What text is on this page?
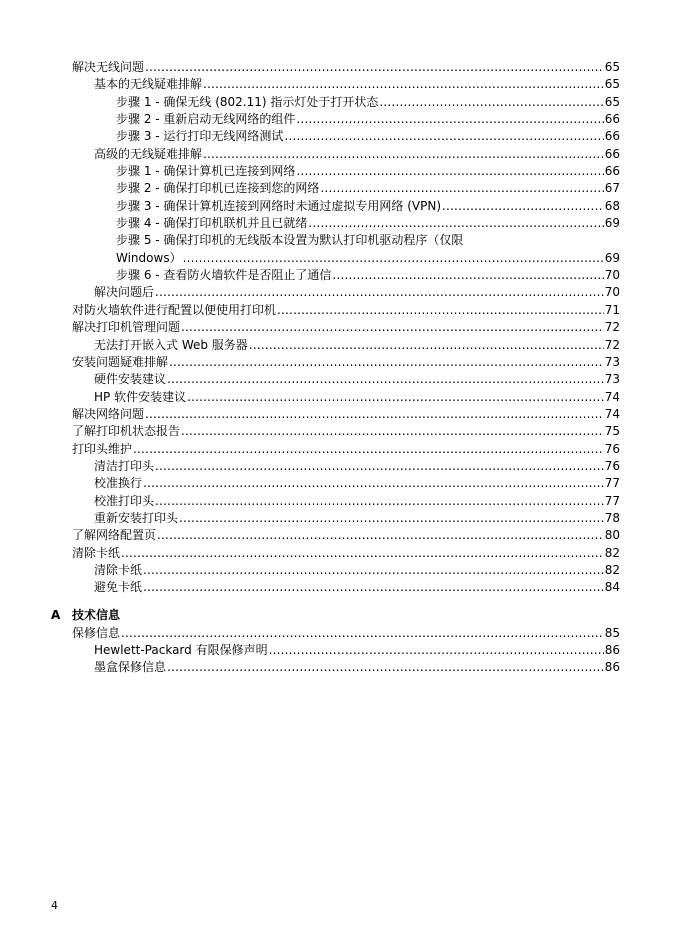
解决无线问题 .....	65
基本的无线疑难排解 .....	65
步骤 1 - 确保无线 (802.11) 指示灯处于打开状态 .....	65
步骤 2 - 重新启动无线网络的组件 .....	66
步骤 3 - 运行打印无线网络测试 .....	66
高级的无线疑难排解 .....	66
步骤 1 - 确保计算机已连接到网络 .....	66
步骤 2 - 确保打印机已连接到您的网络 .....	67
步骤 3 - 确保计算机连接到网络时未通过虚拟专用网络 (VPN) .....	68
步骤 4 - 确保打印机联机并且已就绪 .....	69
步骤 5 - 确保打印机的无线版本设置为默认打印机驱动程序（仅限
Windows） .....	69
步骤 6 - 查看防火墙软件是否阻止了通信 .....	70
解决问题后 .....	70
对防火墙软件进行配置以便使用打印机 .....	71
解决打印机管理问题 .....	72
无法打开嵌入式 Web 服务器 .....	72
安装问题疑难排解 .....	73
硬件安装建议 .....	73
HP 软件安装建议 .....	74
解决网络问题 .....	74
了解打印机状态报告 .....	75
打印头维护 .....	76
清洁打印头 .....	76
校准换行 .....	77
校准打印头 .....	77
重新安装打印头 .....	78
了解网络配置页 .....	80
清除卡纸 .....	82
清除卡纸 .....	82
避免卡纸 .....	84
A 技术信息
保修信息 .....	85
Hewlett-Packard 有限保修声明 .....	86
墨盒保修信息 .....	86
4
